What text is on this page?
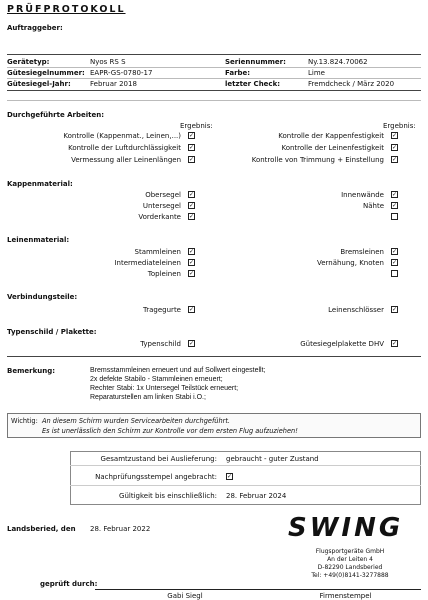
PRÜFPROTOKOLL
Auftraggeber:
Gerätetyp:	Nyos RS S	Seriennummer:	Ny.13.824.70062
Gütesiegelnummer: EAPR-GS-0780-17	Farbe:	Lime
Gütesiegel-Jahr:	Februar 2018	letzter Check:	Fremdcheck / März 2020
Durchgeführte Arbeiten:
Ergebnis:	Ergebnis:
Kontrolle (Kappenmat., Leinen,...) ✓	Kontrolle der Kappenfestigkeit ✓
Kontrolle der Luftdurchlässigkeit ✓	Kontrolle der Leinenfestigkeit ✓
Vermessung aller Leinenlängen ✓	Kontrolle von Trimmung + Einstellung ✓
Kappenmaterial:
Obersegel ✓	Innenwände ✓
Untersegel ✓	Nähte ✓
Vorderkante ✓
Leinenmaterial:
Stammleinen ✓	Bremsleinen ✓
Intermediateleinen ✓	Vernähung, Knoten ✓
Topleinen ✓
Verbindungsteile:
Tragegurte ✓	Leinenschlösser ✓
Typenschild / Plakette:
Typenschild ✓	Gütesiegelplakette DHV ✓
Bemerkung:	Bremsstammleinen erneuert und auf Sollwert eingestellt;
2x defekte Stabilo - Stammleinen erneuert;
Rechter Stabi: 1x Untersegel Teilstück erneuert;
Reparaturstellen am linken Stabi i.O.;
Wichtig: An diesem Schirm wurden Servicearbeiten durchgeführt.
Es ist unerlässlich den Schirm zur Kontrolle vor dem ersten Flug aufzuziehen!
Gesamtzustand bei Auslieferung: gebraucht - guter Zustand
Nachprüfungsstempel angebracht: ✓
Gültigkeit bis einschließlich: 28. Februar 2024
Landsberied, den 28. Februar 2022	SWING
Flugsportgeräte GmbH
An der Leiten 4
D-82290 Landsberied
Tel: +49(0)8141-3277888
geprüft durch:
Gabi Siegl	Firmenstempel
